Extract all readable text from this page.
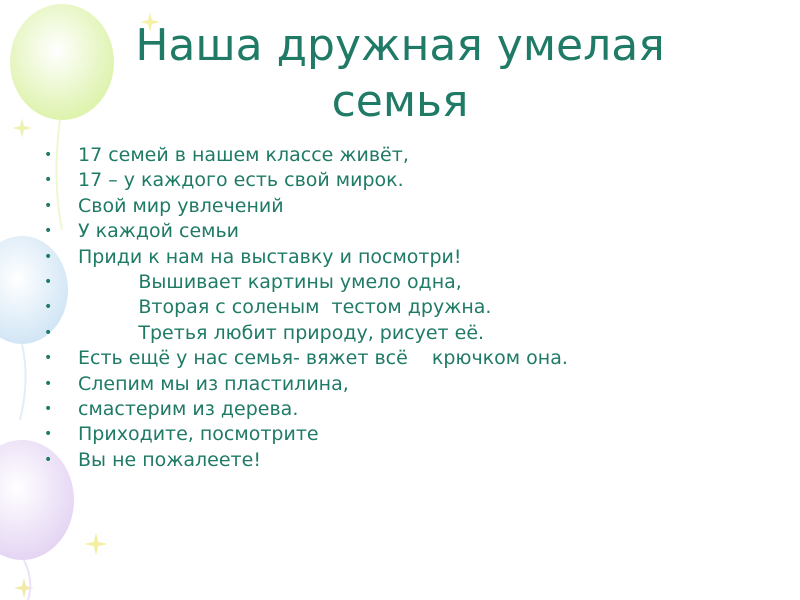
Наша дружная умелая семья
• 17 семей в нашем классе живёт,
• 17 – у каждого есть свой мирок.
• Свой мир увлечений
• У каждой семьи
• Приди к нам на выставку и посмотри!
• Вышивает картины умело одна,
• Вторая с соленым  тестом дружна.
• Третья любит природу, рисует её.
• Есть ещё у нас семья- вяжет всё    крючком она.
• Слепим мы из пластилина,
• смастерим из дерева.
• Приходите, посмотрите
• Вы не пожалеете!
